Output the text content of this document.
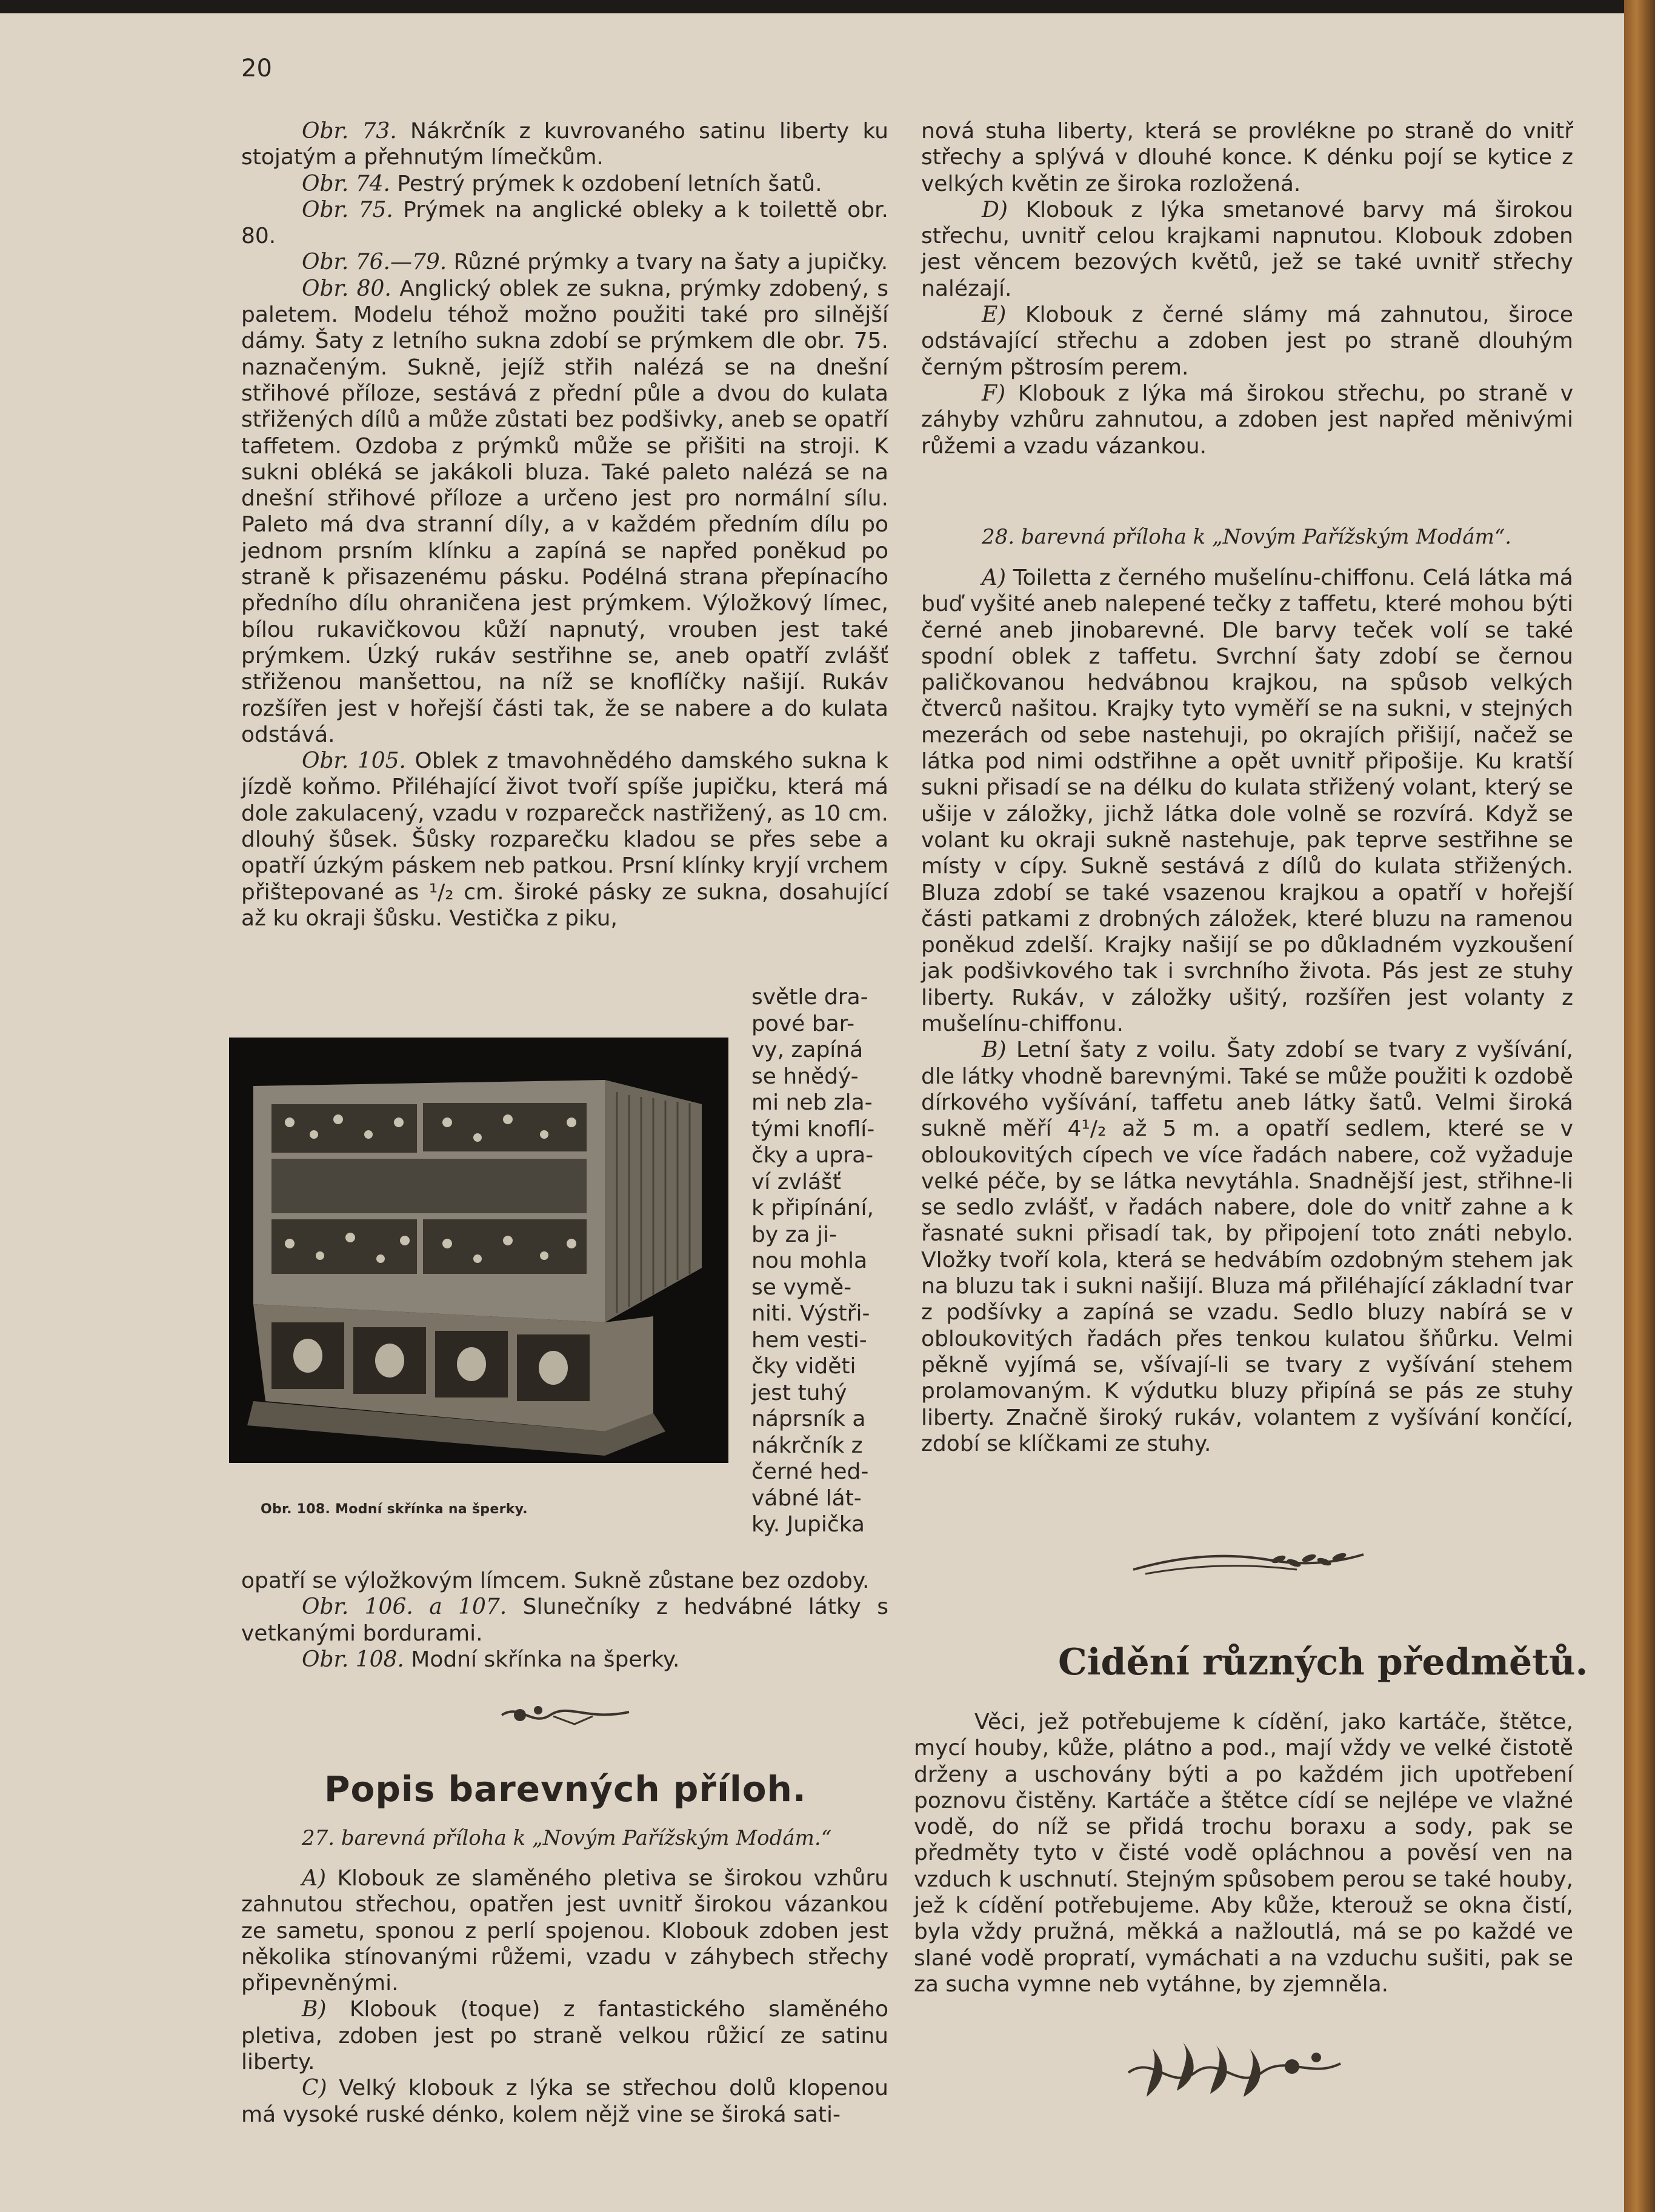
20

Obr. 73. Nákrčník z kuvrovaného satinu liberty ku stojatým a přehnutým límečkům.

Obr. 74. Pestrý prýmek k ozdobení letních šatů.

Obr. 75. Prýmek na anglické obleky a k toilettě obr. 80.

Obr. 76.—79. Různé prýmky a tvary na šaty a jupičky.

Obr. 80. Anglický oblek ze sukna, prýmky zdobený, s paletem. Modelu téhož možno použiti také pro silnější dámy. Šaty z letního sukna zdobí se prýmkem dle obr. 75. naznačeným. Sukně, jejíž střih nalézá se na dnešní střihové příloze, sestává z přední půle a dvou do kulata střižených dílů a může zůstati bez podšivky, aneb se opatří taffetem. Ozdoba z prýmků může se přišiti na stroji. K sukni obléká se jakákoli bluza. Také paleto nalézá se na dnešní střihové příloze a určeno jest pro normální sílu. Paleto má dva stranní díly, a v každém předním dílu po jednom prsním klínku a zapíná se napřed poněkud po straně k přisazenému pásku. Podélná strana přepínacího předního dílu ohraničena jest prýmkem. Výložkový límec, bílou rukavičkovou kůží napnutý, vrouben jest také prýmkem. Úzký rukáv sestřihne se, aneb opatří zvlášť střiženou manšettou, na níž se knoflíčky našijí. Rukáv rozšířen jest v hořejší části tak, že se nabere a do kulata odstává.

Obr. 105. Oblek z tmavohnědého damského sukna k jízdě koňmo. Přiléhající život tvoří spíše jupičku, která má dole zakulacený, vzadu v rozparečck nastřižený, as 10 cm. dlouhý šůsek. Šůsky rozparečku kladou se přes sebe a opatří úzkým páskem neb patkou. Prsní klínky kryjí vrchem přištepované as ¹/₂ cm. široké pásky ze sukna, dosahující až ku okraji šůsku. Vestička z piku,

světle dra-
pové bar-
vy, zapíná
se hnědý-
mi neb zla-
tými knoflí-
čky a upra-
ví zvlášť
k připínání,
by za ji-
nou mohla
se vymě-
niti. Výstři-
hem vesti-
čky viděti
jest tuhý
náprsník a
nákrčník z
černé hed-
vábné lát-
ky. Jupička
Obr. 108. Modní skřínka na šperky.

opatří se výložkovým límcem. Sukně zůstane bez ozdoby.

Obr. 106. a 107. Slunečníky z hedvábné látky s vetkanými bordurami.

Obr. 108. Modní skřínka na šperky.

Popis barevných příloh.
27. barevná příloha k „Novým Pařížským Modám.“

A) Klobouk ze slaměného pletiva se širokou vzhůru zahnutou střechou, opatřen jest uvnitř širokou vázankou ze sametu, sponou z perlí spojenou. Klobouk zdoben jest několika stínovanými růžemi, vzadu v záhybech střechy připevněnými.

B) Klobouk (toque) z fantastického slaměného pletiva, zdoben jest po straně velkou růžicí ze satinu liberty.

C) Velký klobouk z lýka se střechou dolů klopenou má vysoké ruské dénko, kolem nějž vine se široká sati-

nová stuha liberty, která se provlékne po straně do vnitř střechy a splývá v dlouhé konce. K dénku pojí se kytice z velkých květin ze široka rozložená.

D) Klobouk z lýka smetanové barvy má širokou střechu, uvnitř celou krajkami napnutou. Klobouk zdoben jest věncem bezových květů, jež se také uvnitř střechy nalézají.

E) Klobouk z černé slámy má zahnutou, široce odstávající střechu a zdoben jest po straně dlouhým černým pštrosím perem.

F) Klobouk z lýka má širokou střechu, po straně v záhyby vzhůru zahnutou, a zdoben jest napřed měnivými růžemi a vzadu vázankou.

28. barevná příloha k „Novým Pařížským Modám“.

A) Toiletta z černého mušelínu-chiffonu. Celá látka má buď vyšité aneb nalepené tečky z taffetu, které mohou býti černé aneb jinobarevné. Dle barvy teček volí se také spodní oblek z taffetu. Svrchní šaty zdobí se černou paličkovanou hedvábnou krajkou, na spůsob velkých čtverců našitou. Krajky tyto vyměří se na sukni, v stejných mezerách od sebe nastehuji, po okrajích přišijí, načež se látka pod nimi odstřihne a opět uvnitř připošije. Ku kratší sukni přisadí se na délku do kulata střižený volant, který se ušije v záložky, jichž látka dole volně se rozvírá. Když se volant ku okraji sukně nastehuje, pak teprve sestřihne se místy v cípy. Sukně sestává z dílů do kulata střižených. Bluza zdobí se také vsazenou krajkou a opatří v hořejší části patkami z drobných záložek, které bluzu na ramenou poněkud zdelší. Krajky našijí se po důkladném vyzkoušení jak podšivkového tak i svrchního života. Pás jest ze stuhy liberty. Rukáv, v záložky ušitý, rozšířen jest volanty z mušelínu-chiffonu.

B) Letní šaty z voilu. Šaty zdobí se tvary z vyšívání, dle látky vhodně barevnými. Také se může použiti k ozdobě dírkového vyšívání, taffetu aneb látky šatů. Velmi široká sukně měří 4¹/₂ až 5 m. a opatří sedlem, které se v obloukovitých cípech ve více řadách nabere, což vyžaduje velké péče, by se látka nevytáhla. Snadnější jest, střihne-li se sedlo zvlášť, v řadách nabere, dole do vnitř zahne a k řasnaté sukni přisadí tak, by připojení toto znáti nebylo. Vložky tvoří kola, která se hedvábím ozdobným stehem jak na bluzu tak i sukni našijí. Bluza má přiléhající základní tvar z podšívky a zapíná se vzadu. Sedlo bluzy nabírá se v obloukovitých řadách přes tenkou kulatou šňůrku. Velmi pěkně vyjímá se, všívají-li se tvary z vyšívání stehem prolamovaným. K výdutku bluzy připíná se pás ze stuhy liberty. Značně široký rukáv, volantem z vyšívání končící, zdobí se klíčkami ze stuhy.

Cidění různých předmětů.

Věci, jež potřebujeme k cídění, jako kartáče, štětce, mycí houby, kůže, plátno a pod., mají vždy ve velké čistotě drženy a uschovány býti a po každém jich upotřebení poznovu čistěny. Kartáče a štětce cídí se nejlépe ve vlažné vodě, do níž se přidá trochu boraxu a sody, pak se předměty tyto v čisté vodě opláchnou a pověsí ven na vzduch k uschnutí. Stejným spůsobem perou se také houby, jež k cídění potřebujeme. Aby kůže, kterouž se okna čistí, byla vždy pružná, měkká a nažloutlá, má se po každé ve slané vodě propratí, vymáchati a na vzduchu sušiti, pak se za sucha vymne neb vytáhne, by zjemněla.
